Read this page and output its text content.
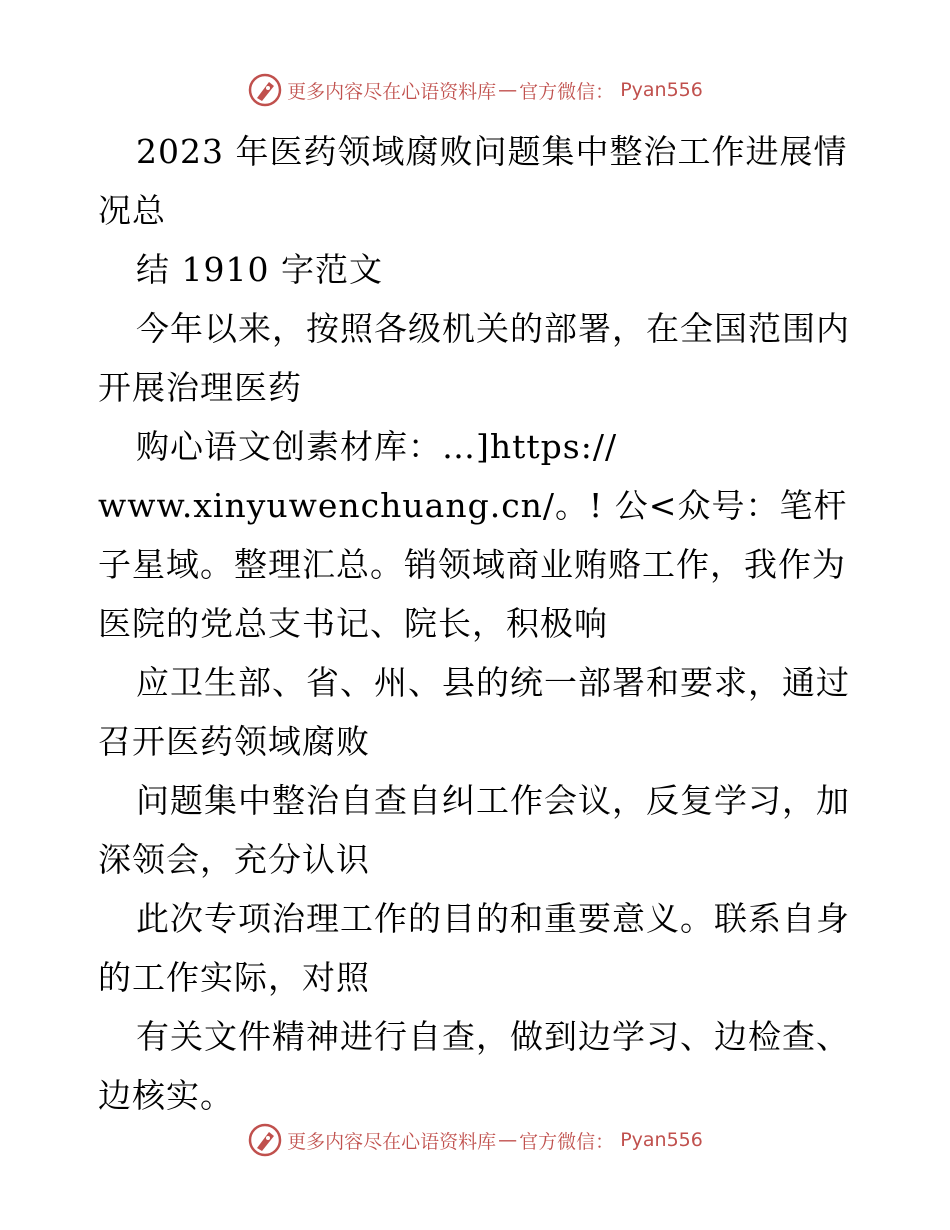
更多内容尽在心语资料库 — 官方微信： Pyan556

2023 年医药领域腐败问题集中整治工作进展情况总

结 1910 字范文

今年以来，按照各级机关的部署，在全国范围内开展治理医药

购心语文创素材库：…]https://

www.xinyuwenchuang.cn/。! 公<众号：笔杆子星域。整理汇总。销领域商业贿赂工作，我作为医院的党总支书记、院长，积极响

应卫生部、省、州、县的统一部署和要求，通过召开医药领域腐败

问题集中整治自查自纠工作会议，反复学习，加深领会，充分认识

此次专项治理工作的目的和重要意义。联系自身的工作实际，对照

有关文件精神进行自查，做到边学习、边检查、边核实。

更多内容尽在心语资料库 — 官方微信： Pyan556
